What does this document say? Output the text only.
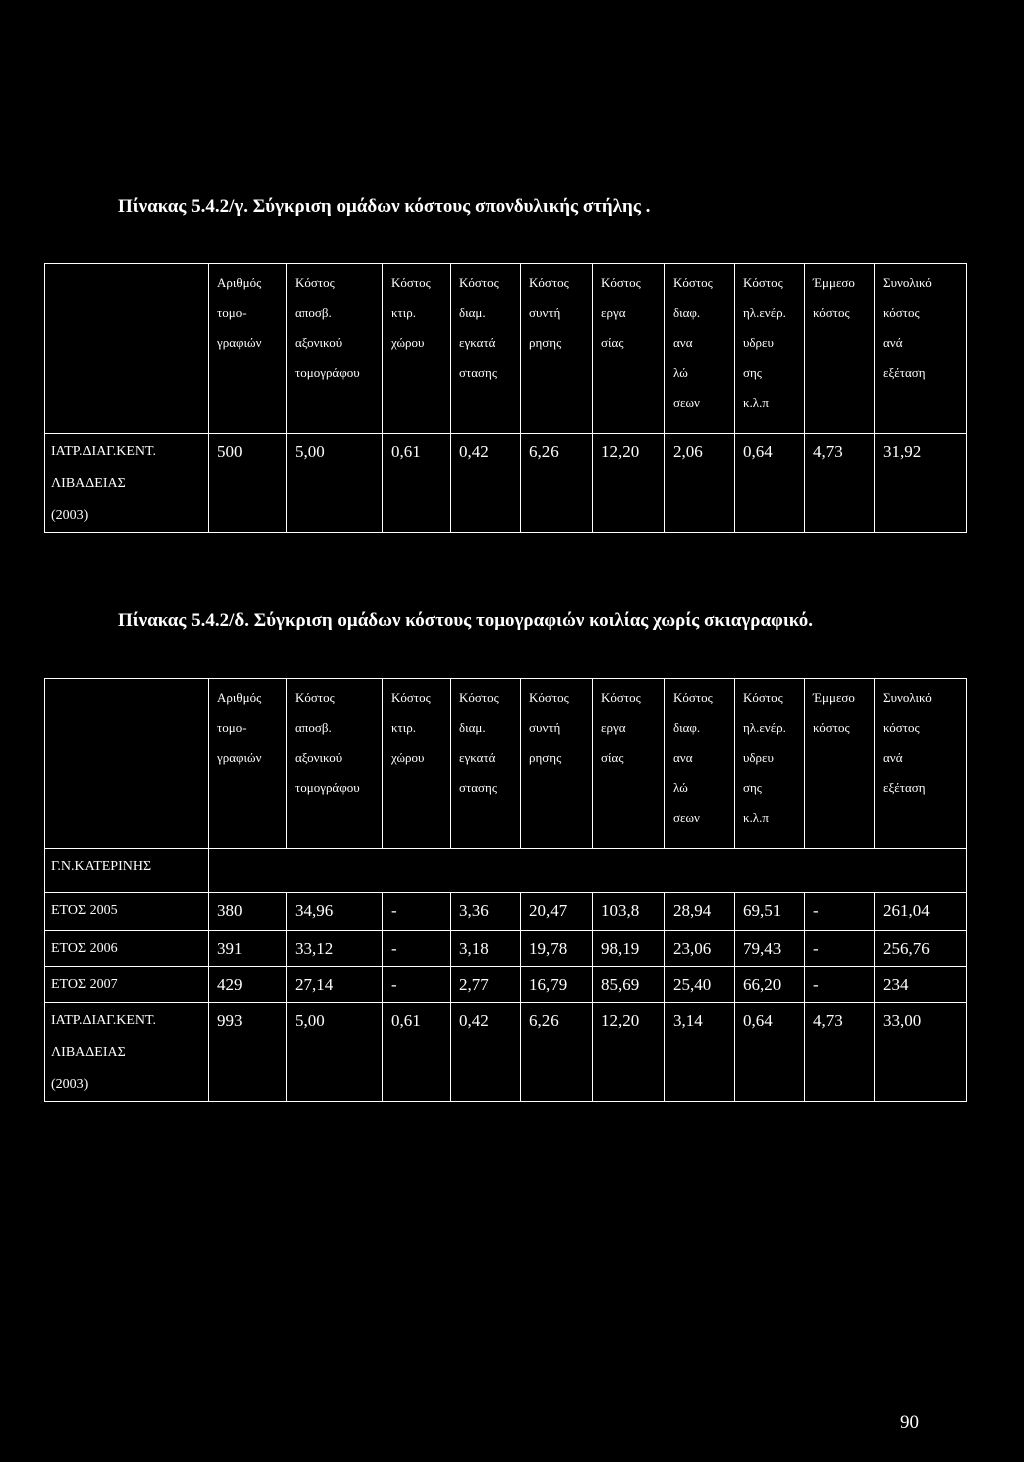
Πίνακας 5.4.2/γ. Σύγκριση ομάδων κόστους σπονδυλικής στήλης .

	Αριθμός
τομο-
γραφιών	Κόστος
αποσβ.
αξονικού
τομογράφου	Κόστος
κτιρ.
χώρου	Κόστος
διαμ.
εγκατά
στασης	Κόστος
συντή
ρησης	Κόστος
εργα
σίας	Κόστος
διαφ.
ανα
λώ
σεων	Κόστος
ηλ.ενέρ.
υδρευ
σης
κ.λ.π	Έμμεσο
κόστος	Συνολικό
κόστος
ανά
εξέταση

ΙΑΤΡ.ΔΙΑΓ.ΚΕΝΤ.
ΛΙΒΑΔΕΙΑΣ
(2003)	500	5,00	0,61	0,42	6,26	12,20	2,06	0,64	4,73	31,92

Πίνακας 5.4.2/δ. Σύγκριση ομάδων κόστους τομογραφιών κοιλίας χωρίς σκιαγραφικό.

	Αριθμός
τομο-
γραφιών	Κόστος
αποσβ.
αξονικού
τομογράφου	Κόστος
κτιρ.
χώρου	Κόστος
διαμ.
εγκατά
στασης	Κόστος
συντή
ρησης	Κόστος
εργα
σίας	Κόστος
διαφ.
ανα
λώ
σεων	Κόστος
ηλ.ενέρ.
υδρευ
σης
κ.λ.π	Έμμεσο
κόστος	Συνολικό
κόστος
ανά
εξέταση

Γ.Ν.ΚΑΤΕΡΙΝΗΣ										

ΕΤΟΣ 2005	380	34,96	-	3,36	20,47	103,8	28,94	69,51	-	261,04

ΕΤΟΣ 2006	391	33,12	-	3,18	19,78	98,19	23,06	79,43	-	256,76

ΕΤΟΣ 2007	429	27,14	-	2,77	16,79	85,69	25,40	66,20	-	234

ΙΑΤΡ.ΔΙΑΓ.ΚΕΝΤ.
ΛΙΒΑΔΕΙΑΣ
(2003)	993	5,00	0,61	0,42	6,26	12,20	3,14	0,64	4,73	33,00
90
